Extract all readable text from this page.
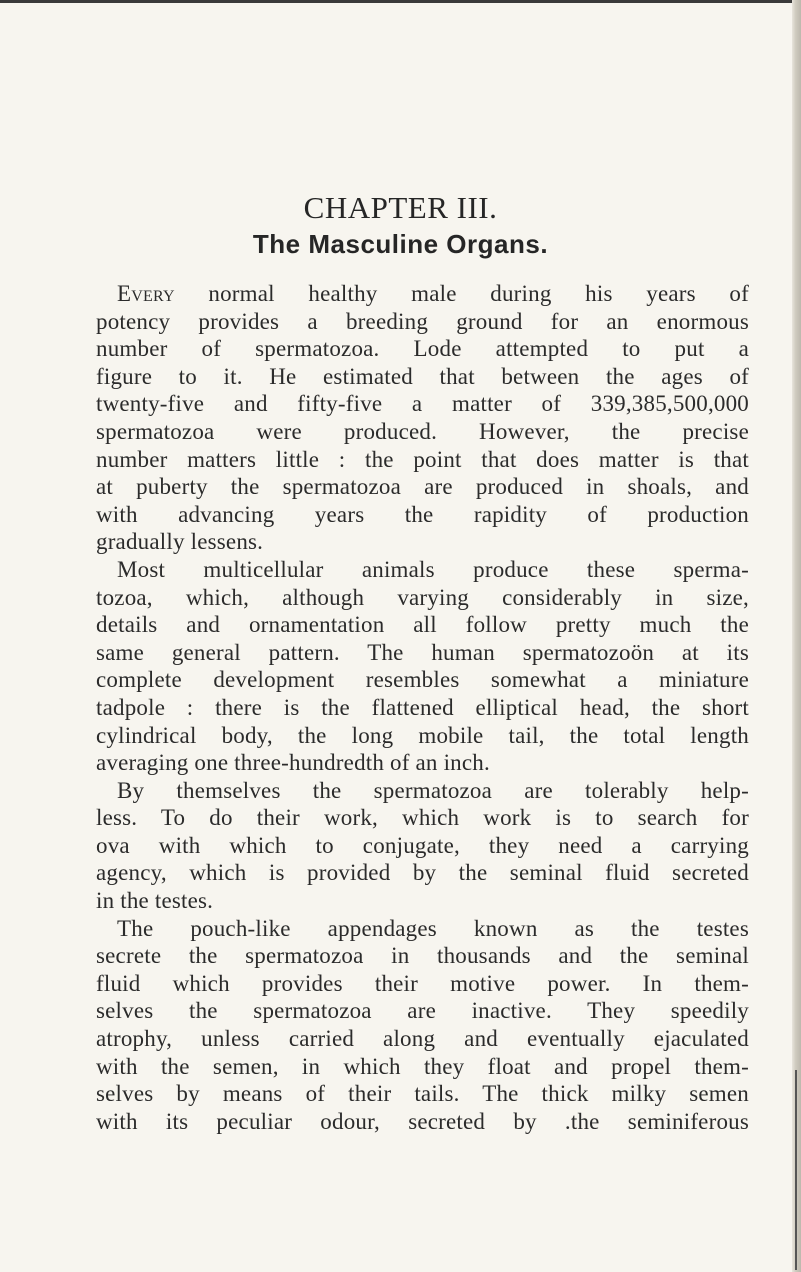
CHAPTER III.
The Masculine Organs.
Every normal healthy male during his years of
potency provides a breeding ground for an enormous
number of spermatozoa. Lode attempted to put a
figure to it. He estimated that between the ages of
twenty-five and fifty-five a matter of 339,385,500,000
spermatozoa were produced. However, the precise
number matters little : the point that does matter is that
at puberty the spermatozoa are produced in shoals, and
with advancing years the rapidity of production
gradually lessens.
Most multicellular animals produce these sperma-
tozoa, which, although varying considerably in size,
details and ornamentation all follow pretty much the
same general pattern. The human spermatozoön at its
complete development resembles somewhat a miniature
tadpole : there is the flattened elliptical head, the short
cylindrical body, the long mobile tail, the total length
averaging one three-hundredth of an inch.
By themselves the spermatozoa are tolerably help-
less. To do their work, which work is to search for
ova with which to conjugate, they need a carrying
agency, which is provided by the seminal fluid secreted
in the testes.
The pouch-like appendages known as the testes
secrete the spermatozoa in thousands and the seminal
fluid which provides their motive power. In them-
selves the spermatozoa are inactive. They speedily
atrophy, unless carried along and eventually ejaculated
with the semen, in which they float and propel them-
selves by means of their tails. The thick milky semen
with its peculiar odour, secreted by .the seminiferous
